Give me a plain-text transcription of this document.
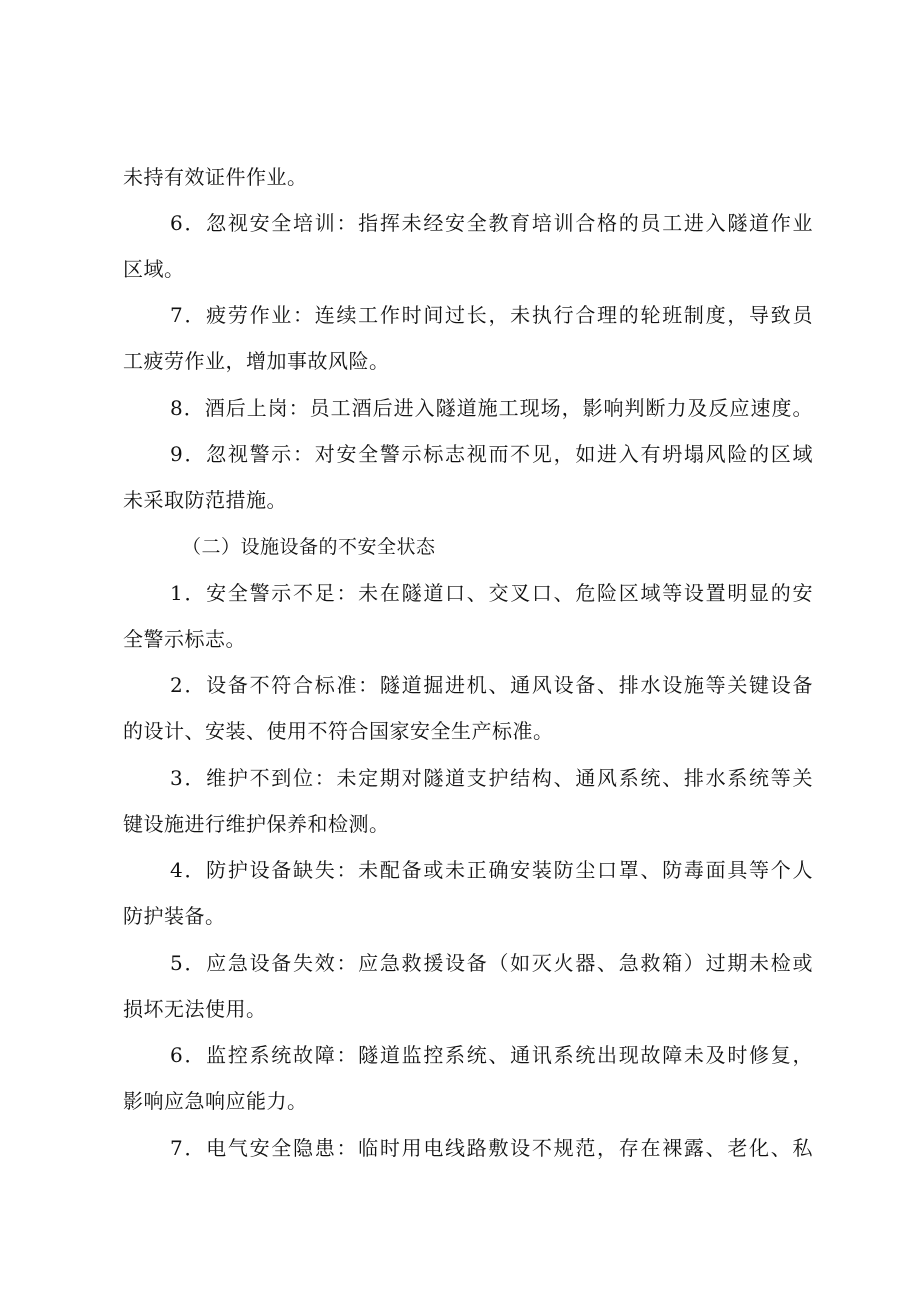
未持有效证件作业。
6．忽视安全培训：指挥未经安全教育培训合格的员工进入隧道作业
区域。
7．疲劳作业：连续工作时间过长，未执行合理的轮班制度，导致员
工疲劳作业，增加事故风险。
8．酒后上岗：员工酒后进入隧道施工现场，影响判断力及反应速度。
9．忽视警示：对安全警示标志视而不见，如进入有坍塌风险的区域
未采取防范措施。
（二）设施设备的不安全状态
1．安全警示不足：未在隧道口、交叉口、危险区域等设置明显的安
全警示标志。
2．设备不符合标准：隧道掘进机、通风设备、排水设施等关键设备
的设计、安装、使用不符合国家安全生产标准。
3．维护不到位：未定期对隧道支护结构、通风系统、排水系统等关
键设施进行维护保养和检测。
4．防护设备缺失：未配备或未正确安装防尘口罩、防毒面具等个人
防护装备。
5．应急设备失效：应急救援设备（如灭火器、急救箱）过期未检或
损坏无法使用。
6．监控系统故障：隧道监控系统、通讯系统出现故障未及时修复，
影响应急响应能力。
7．电气安全隐患：临时用电线路敷设不规范，存在裸露、老化、私
